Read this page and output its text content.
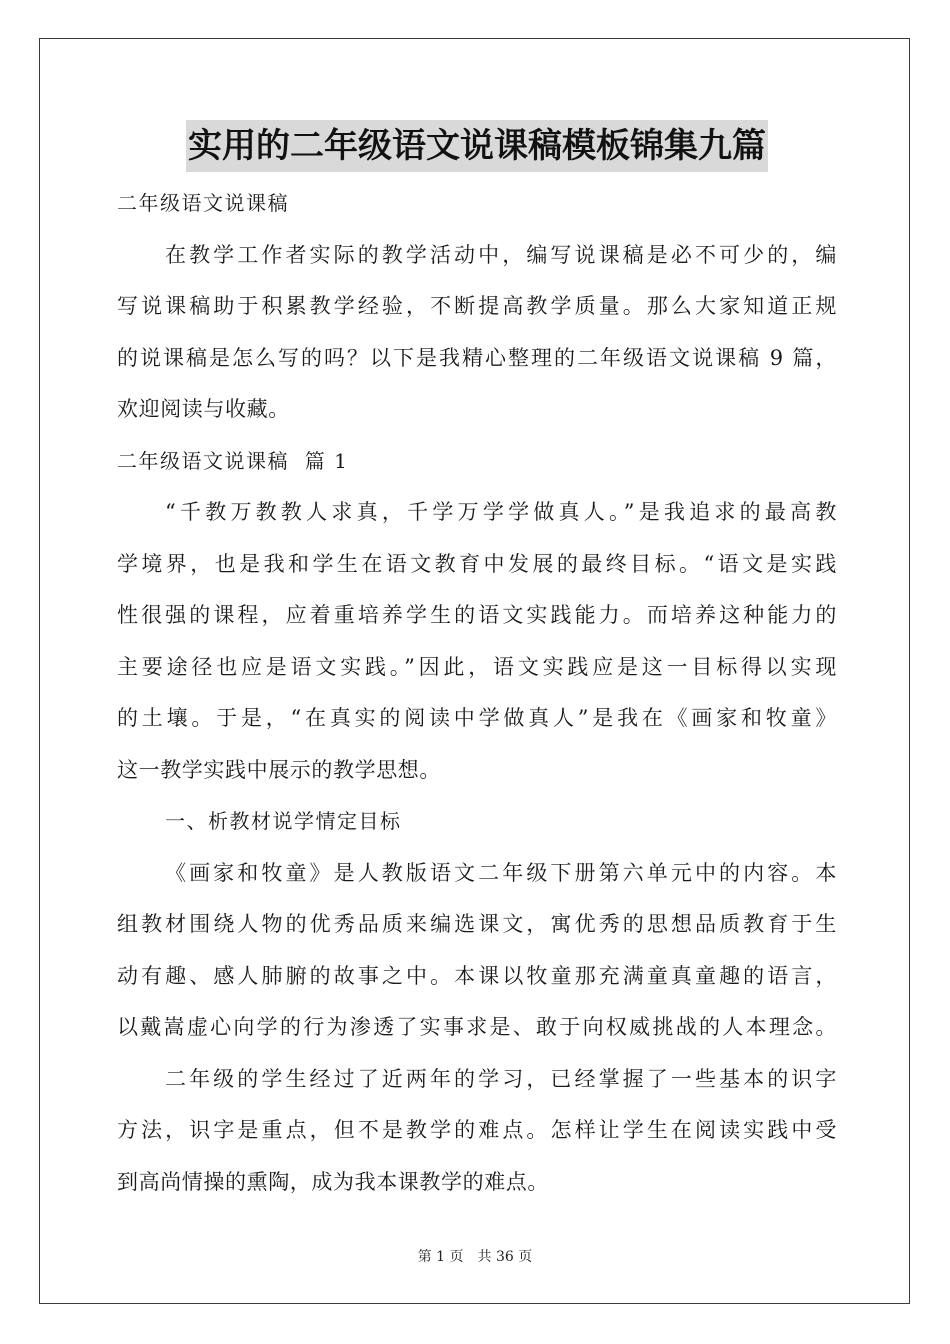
实用的二年级语文说课稿模板锦集九篇
二年级语文说课稿
在教学工作者实际的教学活动中，编写说课稿是必不可少的，编
写说课稿助于积累教学经验，不断提高教学质量。那么大家知道正规
的说课稿是怎么写的吗？以下是我精心整理的二年级语文说课稿 9 篇，
欢迎阅读与收藏。
二年级语文说课稿  篇 1
“千教万教教人求真，千学万学学做真人。”是我追求的最高教
学境界，也是我和学生在语文教育中发展的最终目标。“语文是实践
性很强的课程，应着重培养学生的语文实践能力。而培养这种能力的
主要途径也应是语文实践。”因此，语文实践应是这一目标得以实现
的土壤。于是，“在真实的阅读中学做真人”是我在《画家和牧童》
这一教学实践中展示的教学思想。
一、析教材说学情定目标
《画家和牧童》是人教版语文二年级下册第六单元中的内容。本
组教材围绕人物的优秀品质来编选课文，寓优秀的思想品质教育于生
动有趣、感人肺腑的故事之中。本课以牧童那充满童真童趣的语言，
以戴嵩虚心向学的行为渗透了实事求是、敢于向权威挑战的人本理念。
二年级的学生经过了近两年的学习，已经掌握了一些基本的识字
方法，识字是重点，但不是教学的难点。怎样让学生在阅读实践中受
到高尚情操的熏陶，成为我本课教学的难点。
第 1 页 共 36 页
